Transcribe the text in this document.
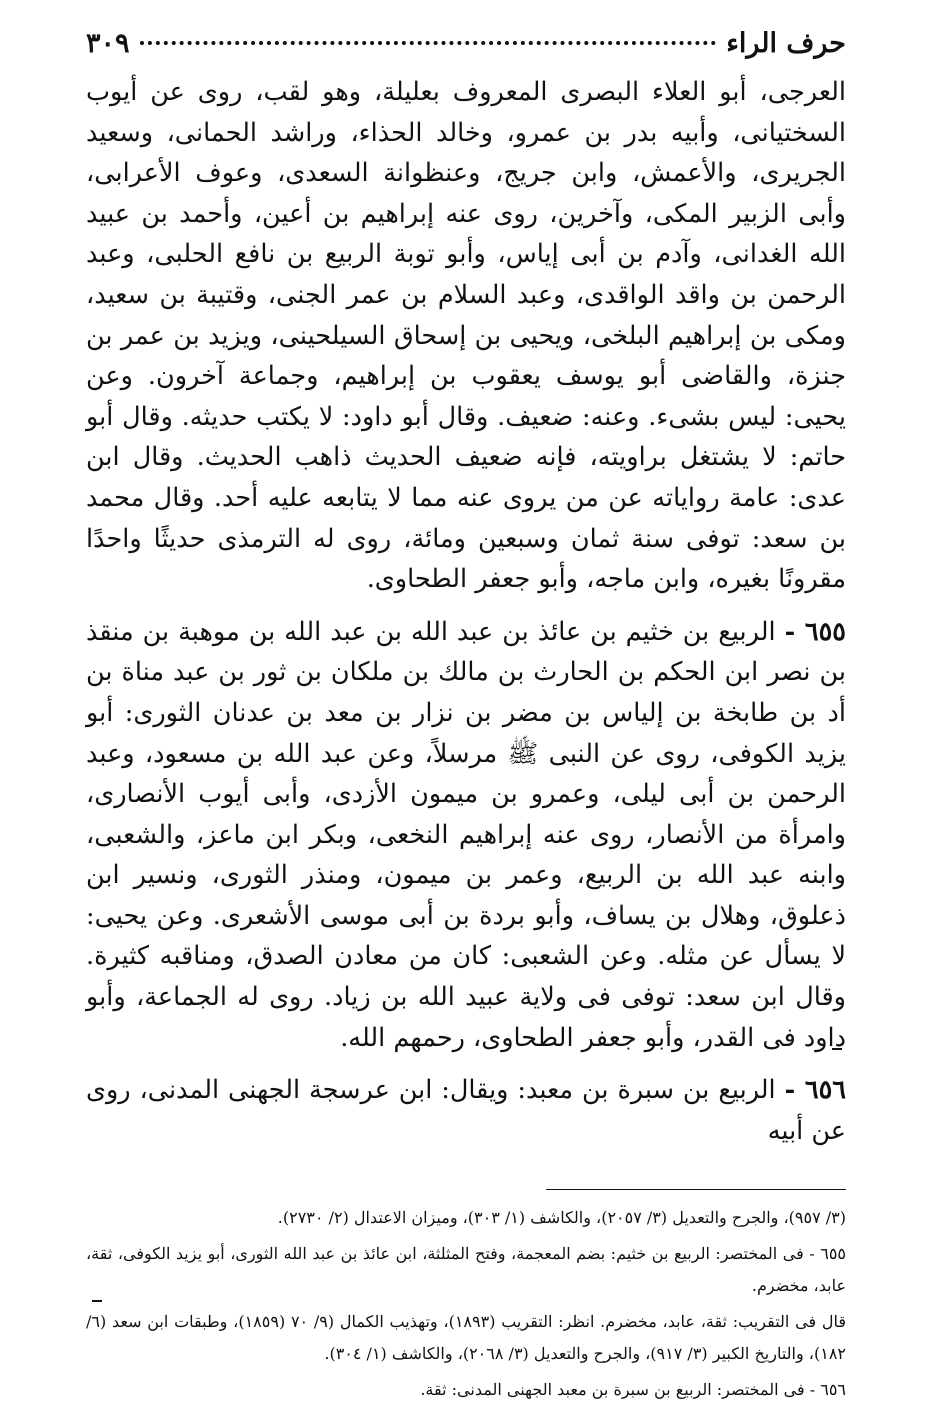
حرف الراء
٣٠٩

العرجى، أبو العلاء البصرى المعروف بعليلة، وهو لقب، روى عن أيوب السختيانى، وأبيه بدر بن عمرو، وخالد الحذاء، وراشد الحمانى، وسعيد الجريرى، والأعمش، وابن جريج، وعنظوانة السعدى، وعوف الأعرابى، وأبى الزبير المكى، وآخرين، روى عنه إبراهيم بن أعين، وأحمد بن عبيد الله الغدانى، وآدم بن أبى إياس، وأبو توبة الربيع بن نافع الحلبى، وعبد الرحمن بن واقد الواقدى، وعبد السلام بن عمر الجنى، وقتيبة بن سعيد، ومكى بن إبراهيم البلخى، ويحيى بن إسحاق السيلحينى، ويزيد بن عمر بن جنزة، والقاضى أبو يوسف يعقوب بن إبراهيم، وجماعة آخرون. وعن يحيى: ليس بشىء. وعنه: ضعيف. وقال أبو داود: لا يكتب حديثه. وقال أبو حاتم: لا يشتغل براويته، فإنه ضعيف الحديث ذاهب الحديث. وقال ابن عدى: عامة رواياته عن من يروى عنه مما لا يتابعه عليه أحد. وقال محمد بن سعد: توفى سنة ثمان وسبعين ومائة، روى له الترمذى حديثًا واحدًا مقرونًا بغيره، وابن ماجه، وأبو جعفر الطحاوى.

٦٥٥ - الربيع بن خثيم بن عائذ بن عبد الله بن عبد الله بن موهبة بن منقذ بن نصر ابن الحكم بن الحارث بن مالك بن ملكان بن ثور بن عبد مناة بن أد بن طابخة بن إلياس بن مضر بن نزار بن معد بن عدنان الثورى: أبو يزيد الكوفى، روى عن النبى ﷺ مرسلاً، وعن عبد الله بن مسعود، وعبد الرحمن بن أبى ليلى، وعمرو بن ميمون الأزدى، وأبى أيوب الأنصارى، وامرأة من الأنصار، روى عنه إبراهيم النخعى، وبكر ابن ماعز، والشعبى، وابنه عبد الله بن الربيع، وعمر بن ميمون، ومنذر الثورى، ونسير ابن ذعلوق، وهلال بن يساف، وأبو بردة بن أبى موسى الأشعرى. وعن يحيى: لا يسأل عن مثله. وعن الشعبى: كان من معادن الصدق، ومناقبه كثيرة. وقال ابن سعد: توفى فى ولاية عبيد الله بن زياد. روى له الجماعة، وأبو داود فى القدر، وأبو جعفر الطحاوى، رحمهم الله.

٦٥٦ - الربيع بن سبرة بن معبد: ويقال: ابن عرسجة الجهنى المدنى، روى عن أبيه

(٣/ ٩٥٧)، والجرح والتعديل (٣/ ٢٠٥٧)، والكاشف (١/ ٣٠٣)، وميزان الاعتدال (٢/ ٢٧٣٠).

٦٥٥ - فى المختصر: الربيع بن خثيم: بضم المعجمة، وفتح المثلثة، ابن عائذ بن عبد الله الثورى، أبو يزيد الكوفى، ثقة، عابد، مخضرم.

قال فى التقريب: ثقة، عابد، مخضرم. انظر: التقريب (١٨٩٣)، وتهذيب الكمال (٩/ ٧٠ (١٨٥٩)، وطبقات ابن سعد (٦/ ١٨٢)، والتاريخ الكبير (٣/ ٩١٧)، والجرح والتعديل (٣/ ٢٠٦٨)، والكاشف (١/ ٣٠٤).

٦٥٦ - فى المختصر: الربيع بن سبرة بن معبد الجهنى المدنى: ثقة.
